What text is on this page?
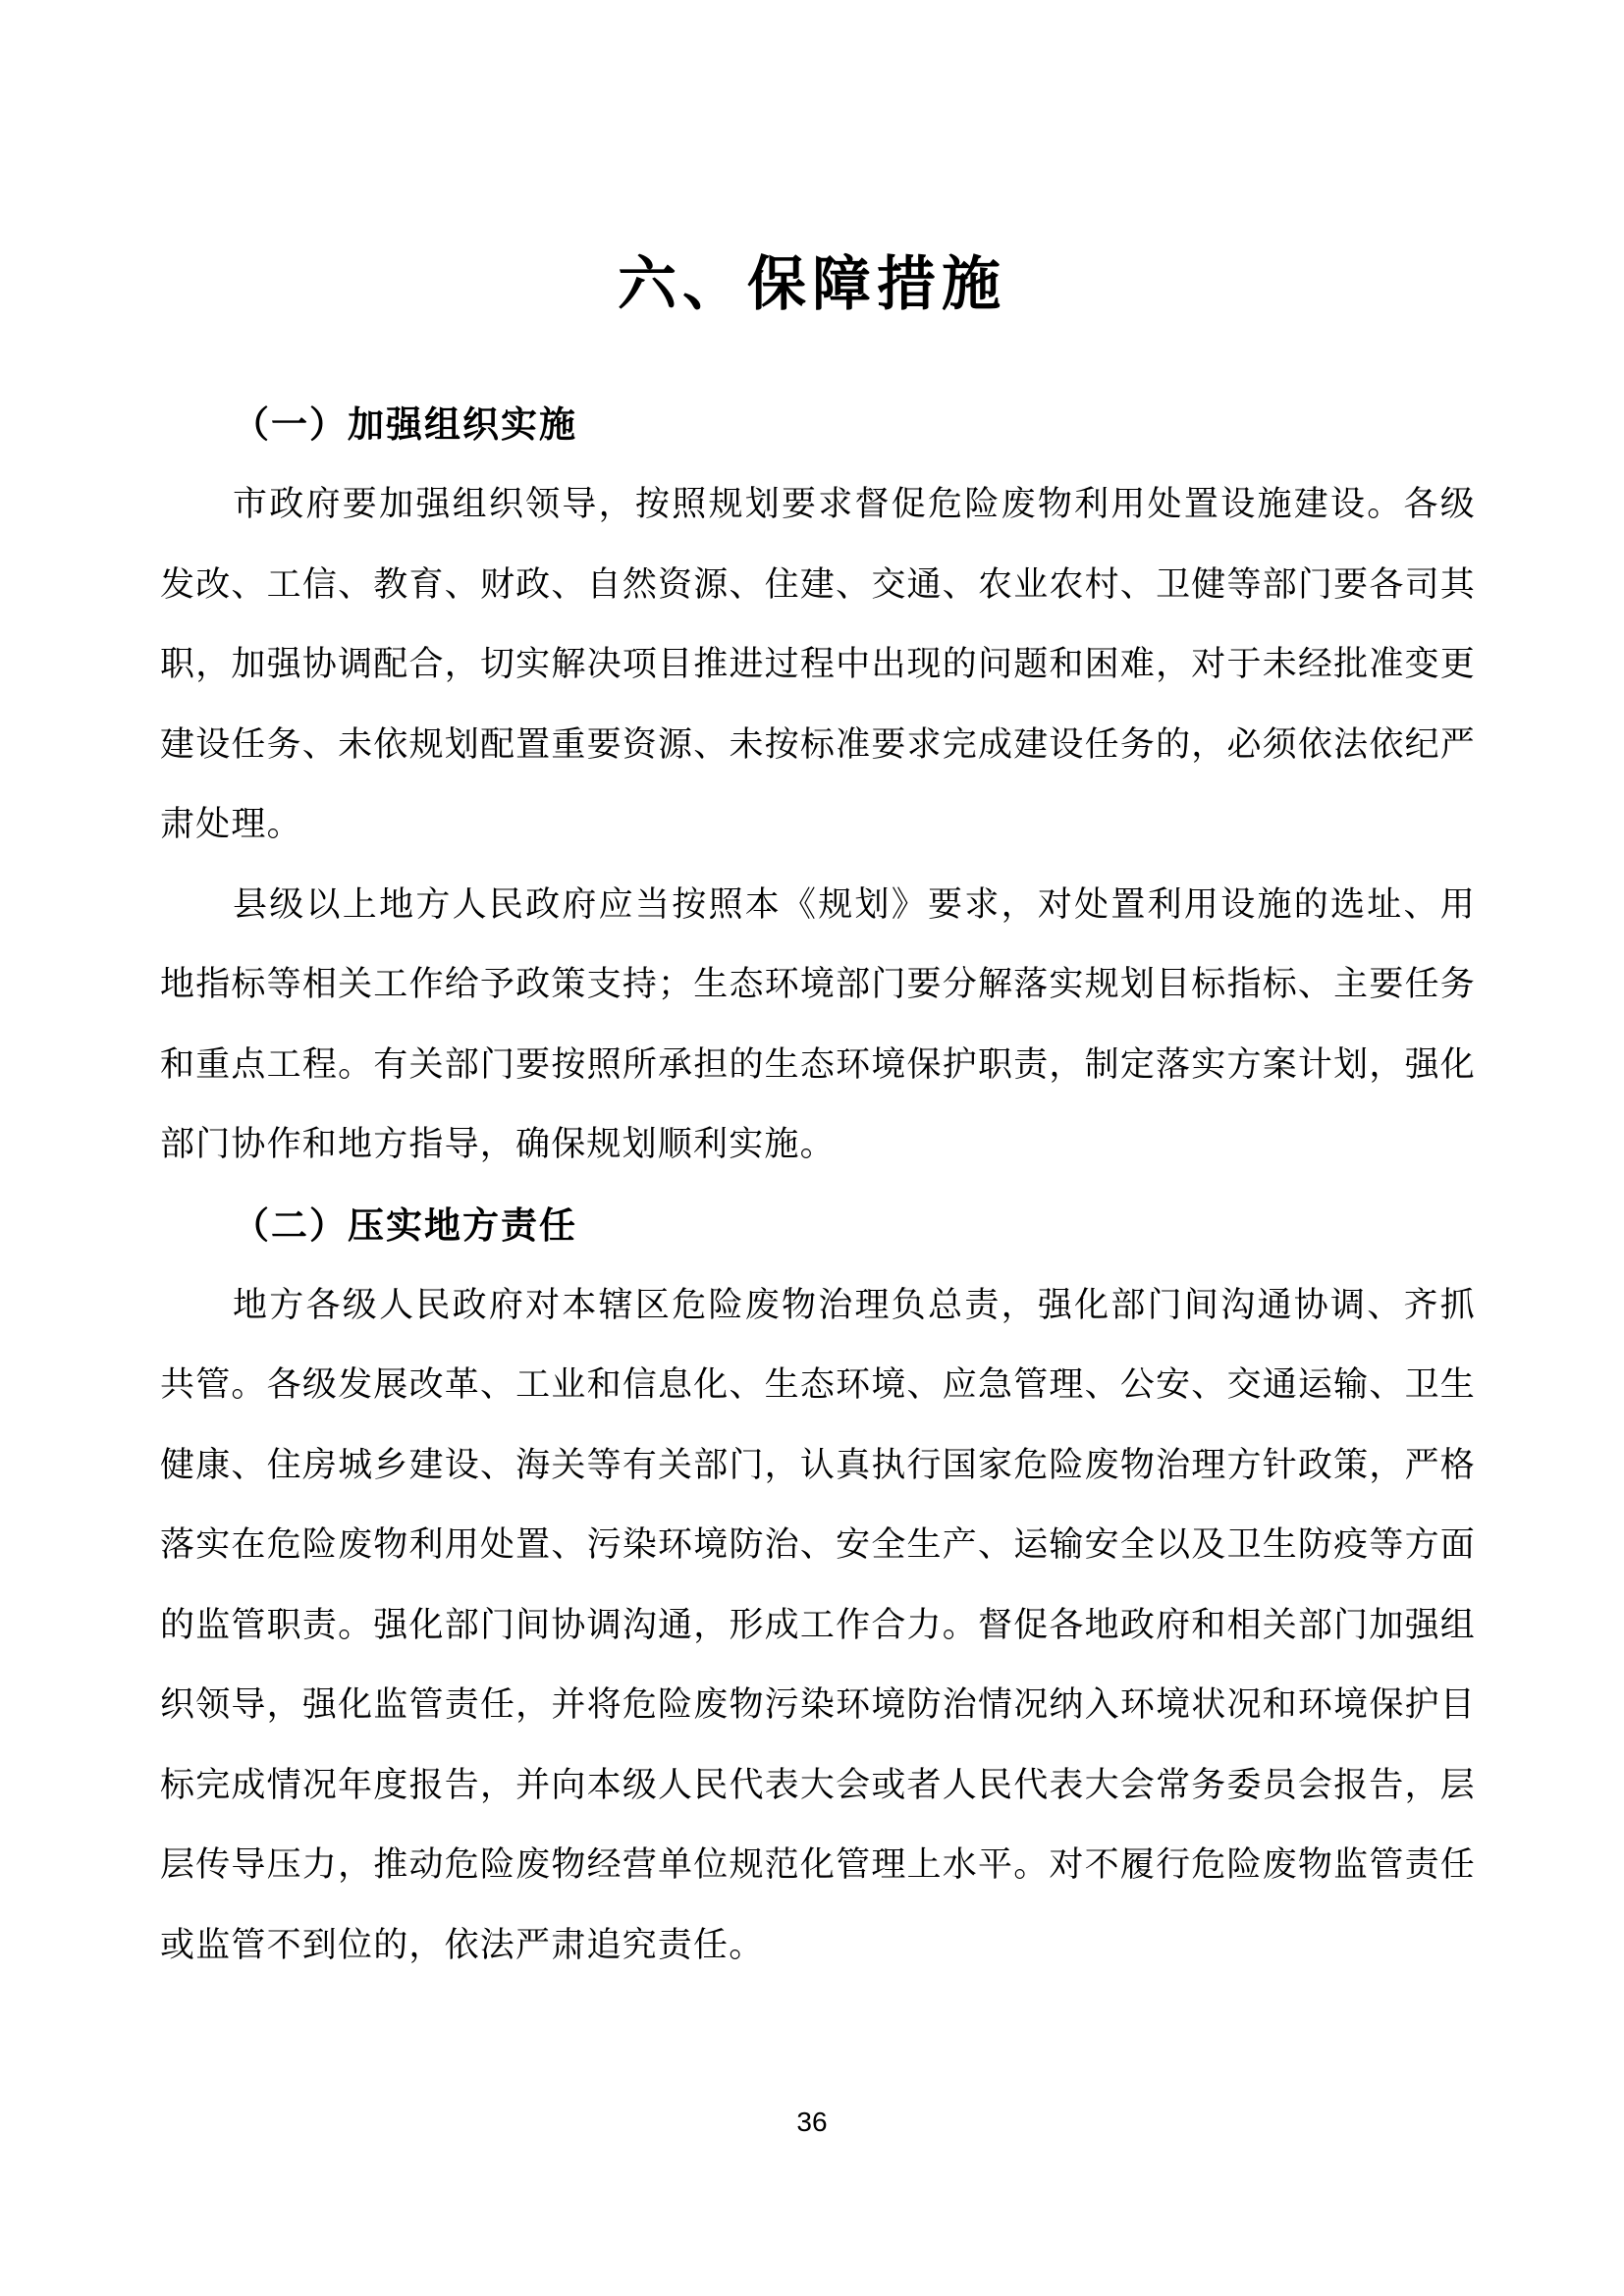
六、保障措施
（一）加强组织实施

市政府要加强组织领导，按照规划要求督促危险废物利用处置设施建设。各级发改、工信、教育、财政、自然资源、住建、交通、农业农村、卫健等部门要各司其职，加强协调配合，切实解决项目推进过程中出现的问题和困难，对于未经批准变更建设任务、未依规划配置重要资源、未按标准要求完成建设任务的，必须依法依纪严肃处理。

县级以上地方人民政府应当按照本《规划》要求，对处置利用设施的选址、用地指标等相关工作给予政策支持；生态环境部门要分解落实规划目标指标、主要任务和重点工程。有关部门要按照所承担的生态环境保护职责，制定落实方案计划，强化部门协作和地方指导，确保规划顺利实施。

（二）压实地方责任

地方各级人民政府对本辖区危险废物治理负总责，强化部门间沟通协调、齐抓共管。各级发展改革、工业和信息化、生态环境、应急管理、公安、交通运输、卫生健康、住房城乡建设、海关等有关部门，认真执行国家危险废物治理方针政策，严格落实在危险废物利用处置、污染环境防治、安全生产、运输安全以及卫生防疫等方面的监管职责。强化部门间协调沟通，形成工作合力。督促各地政府和相关部门加强组织领导，强化监管责任，并将危险废物污染环境防治情况纳入环境状况和环境保护目标完成情况年度报告，并向本级人民代表大会或者人民代表大会常务委员会报告，层层传导压力，推动危险废物经营单位规范化管理上水平。对不履行危险废物监管责任或监管不到位的，依法严肃追究责任。

36
